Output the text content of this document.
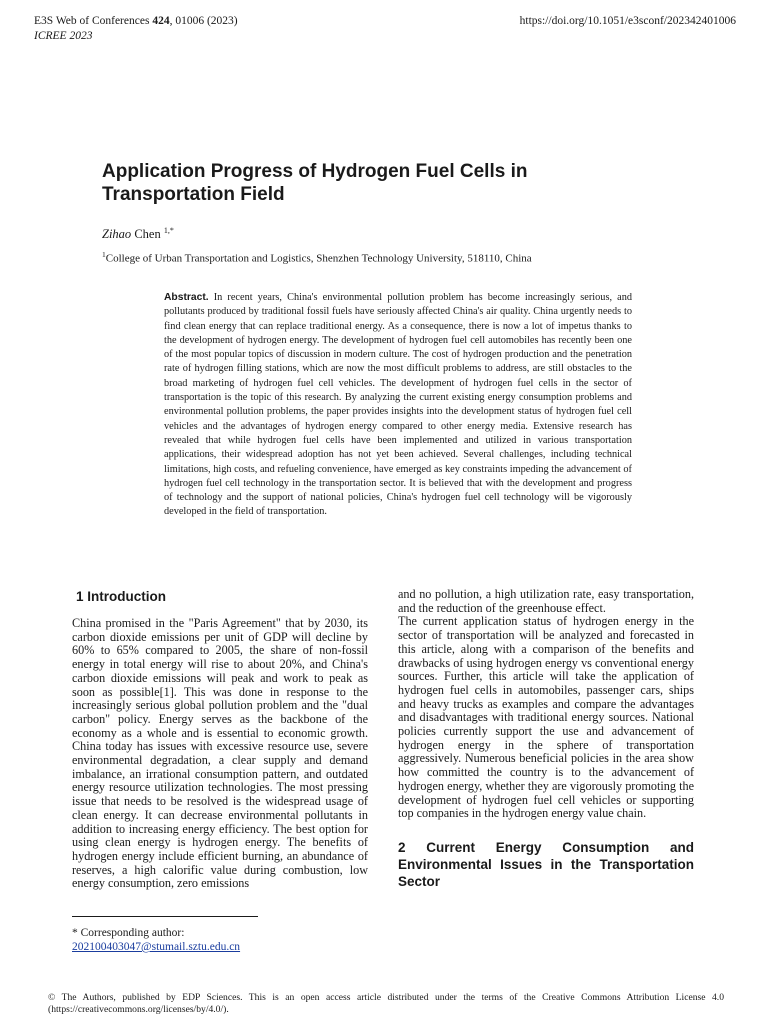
E3S Web of Conferences 424, 01006 (2023)
ICREE 2023
https://doi.org/10.1051/e3sconf/202342401006
Application Progress of Hydrogen Fuel Cells in Transportation Field
Zihao Chen $^{1,*}$
$^1$College of Urban Transportation and Logistics, Shenzhen Technology University, 518110, China

Abstract. In recent years, China's environmental pollution problem has become increasingly serious, and pollutants produced by traditional fossil fuels have seriously affected China's air quality. China urgently needs to find clean energy that can replace traditional energy. As a consequence, there is now a lot of impetus thanks to the development of hydrogen energy. The development of hydrogen fuel cell automobiles has recently been one of the most popular topics of discussion in modern culture. The cost of hydrogen production and the penetration rate of hydrogen filling stations, which are now the most difficult problems to address, are still obstacles to the broad marketing of hydrogen fuel cell vehicles. The development of hydrogen fuel cells in the sector of transportation is the topic of this research. By analyzing the current existing energy consumption problems and environmental pollution problems, the paper provides insights into the development status of hydrogen fuel cell vehicles and the advantages of hydrogen energy compared to other energy media. Extensive research has revealed that while hydrogen fuel cells have been implemented and utilized in various transportation applications, their widespread adoption has not yet been achieved. Several challenges, including technical limitations, high costs, and refueling convenience, have emerged as key constraints impeding the advancement of hydrogen fuel cell technology in the transportation sector. It is believed that with the development and progress of technology and the support of national policies, China's hydrogen fuel cell technology will be vigorously developed in the field of transportation.

1 Introduction

China promised in the "Paris Agreement" that by 2030, its carbon dioxide emissions per unit of GDP will decline by 60% to 65% compared to 2005, the share of non-fossil energy in total energy will rise to about 20%, and China's carbon dioxide emissions will peak and work to peak as soon as possible[1]. This was done in response to the increasingly serious global pollution problem and the "dual carbon" policy. Energy serves as the backbone of the economy as a whole and is essential to economic growth. China today has issues with excessive resource use, severe environmental degradation, a clear supply and demand imbalance, an irrational consumption pattern, and outdated energy resource utilization technologies. The most pressing issue that needs to be resolved is the widespread usage of clean energy. It can decrease environmental pollutants in addition to increasing energy efficiency. The best option for using clean energy is hydrogen energy. The benefits of hydrogen energy include efficient burning, an abundance of reserves, a high calorific value during combustion, low energy consumption, zero emissions

and no pollution, a high utilization rate, easy transportation, and the reduction of the greenhouse effect.

The current application status of hydrogen energy in the sector of transportation will be analyzed and forecasted in this article, along with a comparison of the benefits and drawbacks of using hydrogen energy vs conventional energy sources. Further, this article will take the application of hydrogen fuel cells in automobiles, passenger cars, ships and heavy trucks as examples and compare the advantages and disadvantages with traditional energy sources. National policies currently support the use and advancement of hydrogen energy in the sphere of transportation aggressively. Numerous beneficial policies in the area show how committed the country is to the advancement of hydrogen energy, whether they are vigorously promoting the development of hydrogen fuel cell vehicles or supporting top companies in the hydrogen energy value chain.

2 Current Energy Consumption and Environmental Issues in the Transportation Sector
* Corresponding author:
202100403047@stumail.sztu.edu.cn
© The Authors, published by EDP Sciences. This is an open access article distributed under the terms of the Creative Commons Attribution License 4.0 (https://creativecommons.org/licenses/by/4.0/).
